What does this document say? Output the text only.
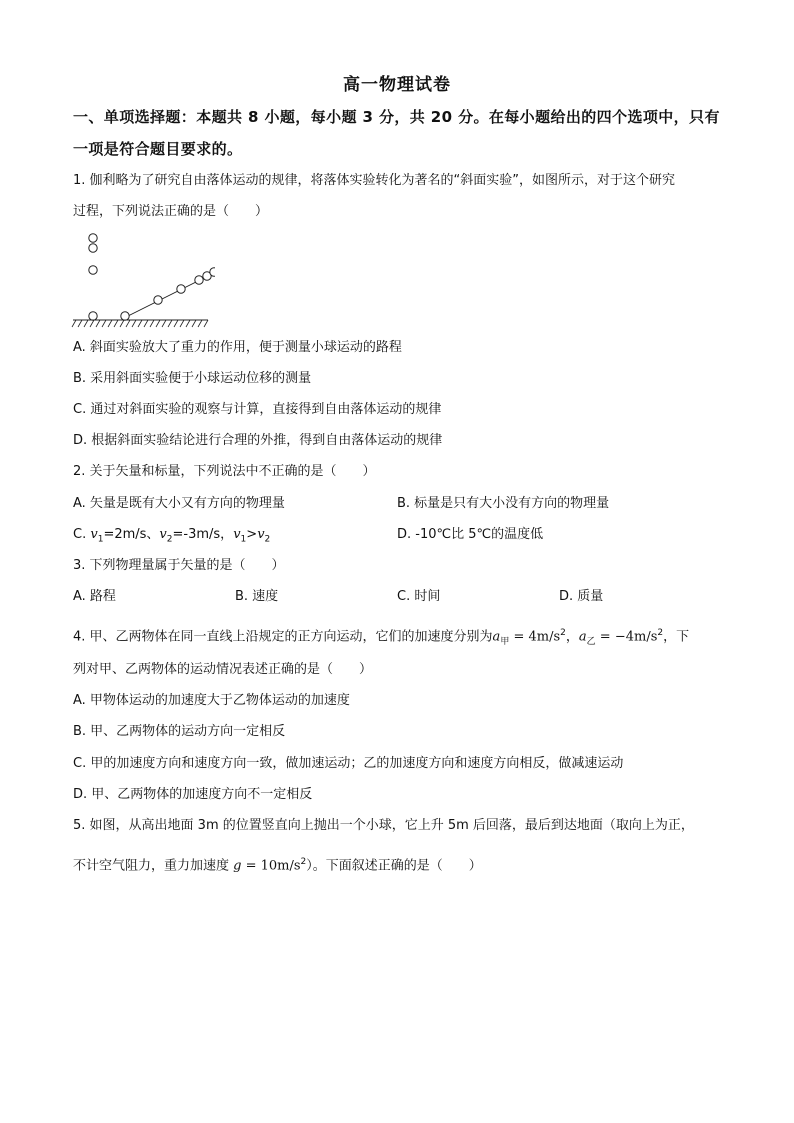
高一物理试卷
一、单项选择题：本题共 8 小题，每小题 3 分，共 20 分。在每小题给出的四个选项中，只有
一项是符合题目要求的。
1. 伽利略为了研究自由落体运动的规律，将落体实验转化为著名的“斜面实验”，如图所示，对于这个研究
过程，下列说法正确的是（　　）
A. 斜面实验放大了重力的作用，便于测量小球运动的路程
B. 采用斜面实验便于小球运动位移的测量
C. 通过对斜面实验的观察与计算，直接得到自由落体运动的规律
D. 根据斜面实验结论进行合理的外推，得到自由落体运动的规律
2. 关于矢量和标量，下列说法中不正确的是（　　）
A. 矢量是既有大小又有方向的物理量	B. 标量是只有大小没有方向的物理量
C. $v_1=2m/s$、$v_2=-3m/s$，$v_1>v_2$	D. -10℃比 5℃的温度低
3. 下列物理量属于矢量的是（　　）
A. 路程	B. 速度	C. 时间	D. 质量
4. 甲、乙两物体在同一直线上沿规定的正方向运动，它们的加速度分别为$a_甲 = 4m/s^2$，$a_乙 = -4m/s^2$，下
列对甲、乙两物体的运动情况表述正确的是（　　）
A. 甲物体运动的加速度大于乙物体运动的加速度
B. 甲、乙两物体的运动方向一定相反
C. 甲的加速度方向和速度方向一致，做加速运动；乙的加速度方向和速度方向相反，做减速运动
D. 甲、乙两物体的加速度方向不一定相反
5. 如图，从高出地面 3m 的位置竖直向上抛出一个小球，它上升 5m 后回落，最后到达地面（取向上为正，
不计空气阻力，重力加速度 $g = 10m/s^2$）。下面叙述正确的是（　　）
